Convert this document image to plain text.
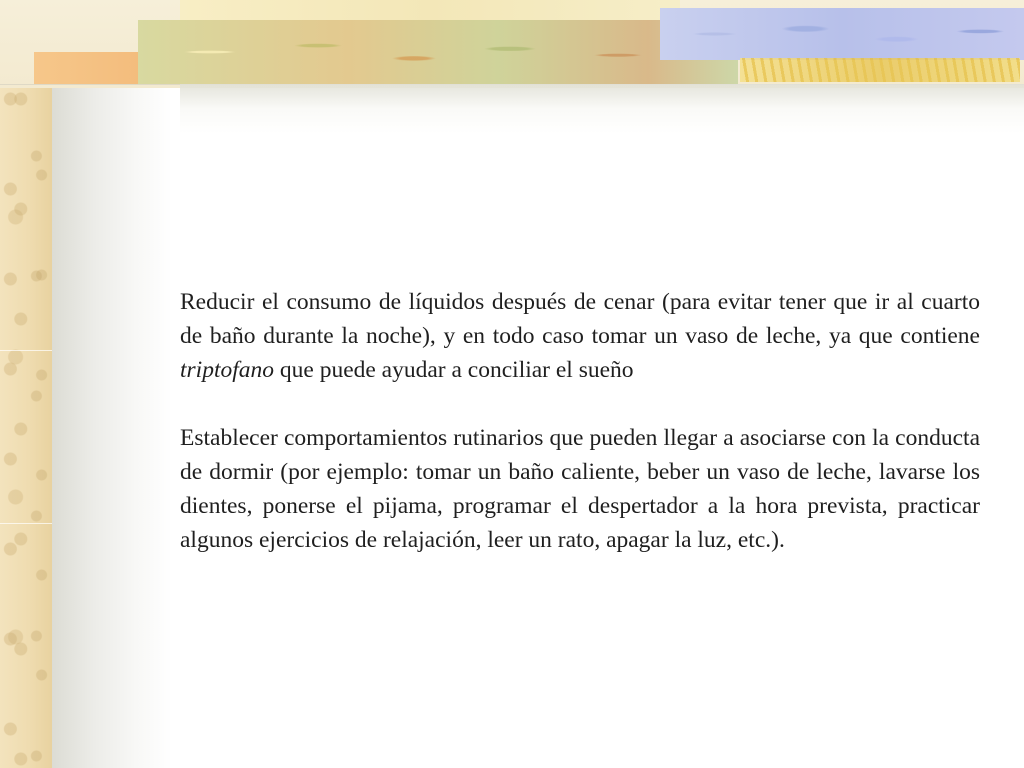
Reducir el consumo de líquidos después de cenar (para evitar tener que ir al cuarto de baño durante la noche), y en todo caso tomar un vaso de leche, ya que contiene triptofano que puede ayudar a conciliar el sueño

Establecer comportamientos rutinarios que pueden llegar a asociarse con la conducta de dormir (por ejemplo: tomar un baño caliente, beber un vaso de leche, lavarse los dientes, ponerse el pijama, programar el despertador a la hora prevista, practicar algunos ejercicios de relajación, leer un rato, apagar la luz, etc.).
